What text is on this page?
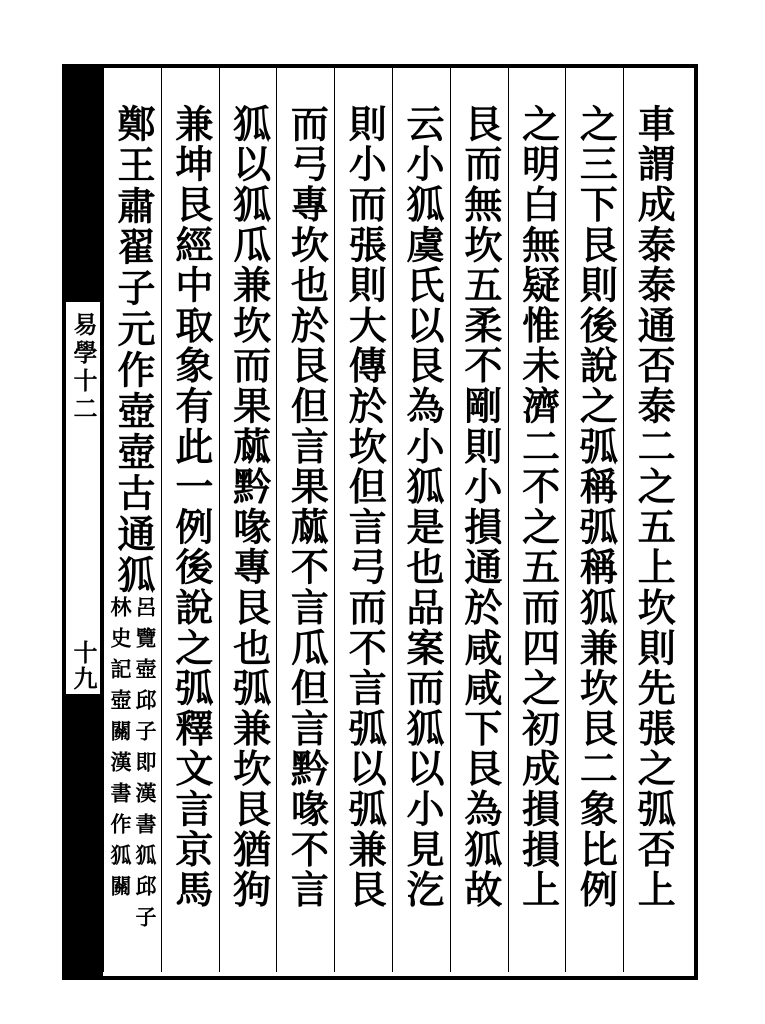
易學十二
十九	車謂成泰泰通否泰二之五上坎則先張之弧否上
之三下艮則後說之弧稱弧稱狐兼坎艮二象比例
之明白無疑惟未濟二不之五而四之初成損損上
艮而無坎五柔不剛則小損通於咸咸下艮為狐故
云小狐虞氏以艮為小狐是也品案而狐以小見汔
則小而張則大傳於坎但言弓而不言弧以弧兼艮
而弓專坎也於艮但言果蓏不言瓜但言黔喙不言
狐以狐瓜兼坎而果蓏黔喙專艮也弧兼坎艮猶狗
兼坤艮經中取象有此一例後說之弧釋文言京馬
鄭王肅翟子元作壺壺古通狐
呂覽壺邱子即漢書狐邱子
林史記壺關漢書作狐關
